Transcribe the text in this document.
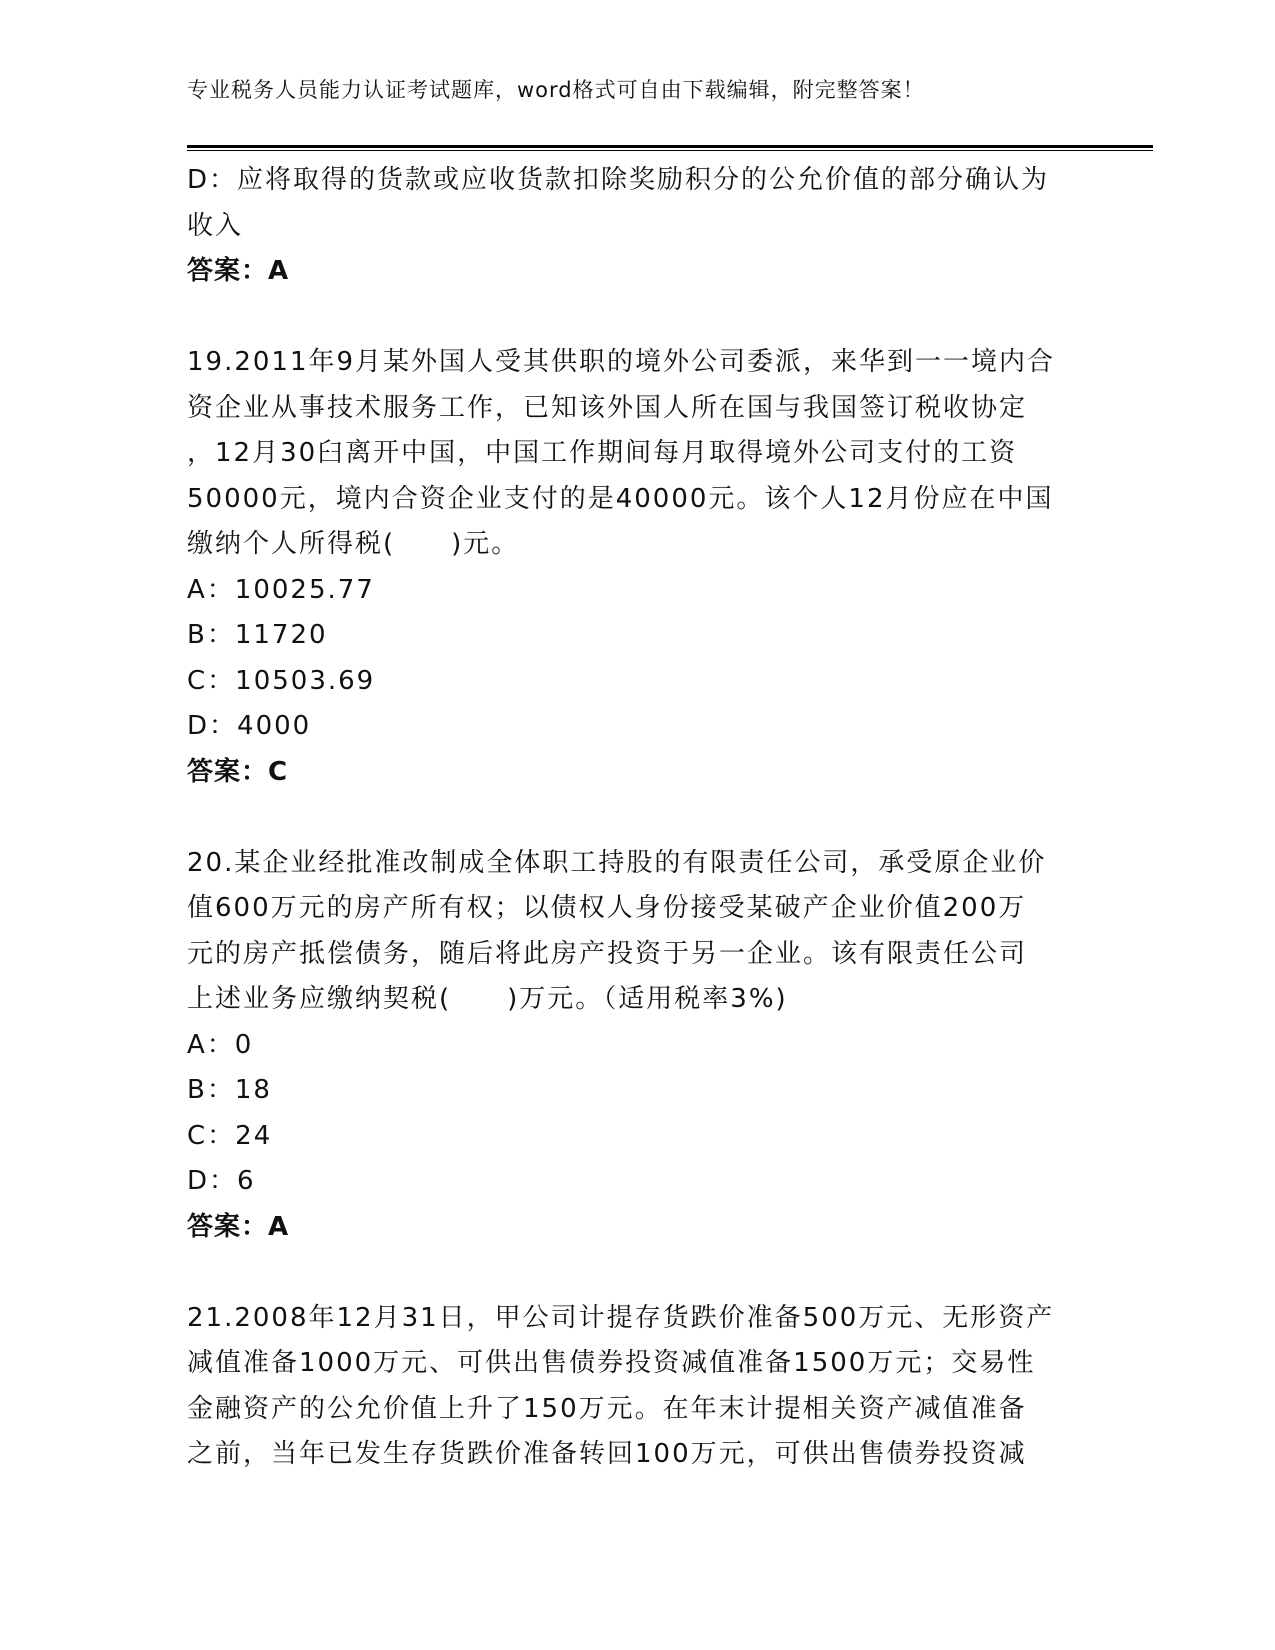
专业税务人员能力认证考试题库，word格式可自由下载编辑，附完整答案！
D：应将取得的货款或应收货款扣除奖励积分的公允价值的部分确认为
收入
答案：A
19.2011年9月某外国人受其供职的境外公司委派，来华到一一境内合
资企业从事技术服务工作，已知该外国人所在国与我国签订税收协定
，12月30臼离开中国，中国工作期间每月取得境外公司支付的工资
50000元，境内合资企业支付的是40000元。该个人12月份应在中国
缴纳个人所得税(　　)元。
A：10025.77
B：11720
C：10503.69
D：4000
答案：C
20.某企业经批准改制成全体职工持股的有限责任公司，承受原企业价
值600万元的房产所有权；以债权人身份接受某破产企业价值200万
元的房产抵偿债务，随后将此房产投资于另一企业。该有限责任公司
上述业务应缴纳契税(　　)万元。（适用税率3%)
A：0
B：18
C：24
D：6
答案：A
21.2008年12月31日，甲公司计提存货跌价准备500万元、无形资产
减值准备1000万元、可供出售债券投资减值准备1500万元；交易性
金融资产的公允价值上升了150万元。在年末计提相关资产减值准备
之前，当年已发生存货跌价准备转回100万元，可供出售债券投资减
